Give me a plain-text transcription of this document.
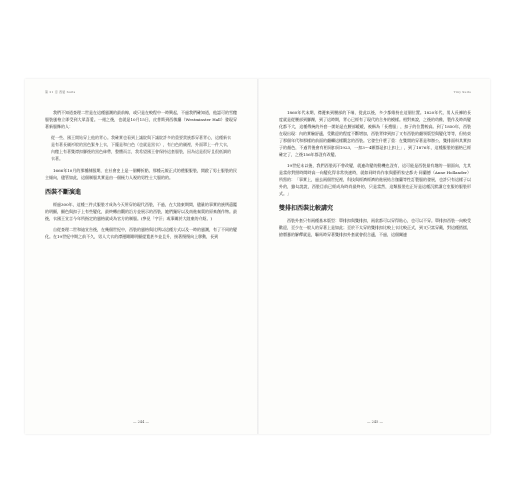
第 21 章 西裝 Suits

我們不知道查理二世是在這種風潮的最前線，或只是在較程中一時興起，不過我們確知道，他認可的雪穗服裝風格立即受到大眾喜愛。一週之後，也就是10月15日，皮普斯到西敏廳（Westminster Hall）發現穿著新服飾的人：

從一些、國王開始穿上他的背心。我確實也看到上議院與下議院許多的重要貴族都穿著背心，這種新衣是有著長襯衫般的黑色緊身上衣，下擺是和白色（也就是黑衣），有白色的襯裡，外面罩上一件大衣，內穗上有著雙襟扣腳後的黑色絲帶，整體而言，我希望國王會保持這套服裝，因為這是很好且很低調的衣著。

1666年10月的那種制服期，在社會史上是一個轉折點，那種元報正式的禮服服裝，開啟了男士服裝的民主傾向，儘管如此，這個制服其實是由一個極力人視的男性士大服的的。

西裝不斷演進

經過300年，這種三件式服裝才成為今天所穿的現代西裝，不過，在大陸東期間，儘量的事實的族例還鑑的明顯，顯色與扣子上有些變化，最終轉由觀的沿方並展示的西裝，她們獨好以及南進秦貫的原來創作物。最後，衣國王宣言今年所指定的風格就成為官方的制服。(參見「字汗」或事關於大陸東的介紹。)

自從查理二世和迪宣告後，在幾個世紀中，西裝的風格與比例以這種方式以及一時的風潮，有了不同的變化。在19世紀中期之前不久，男人大衣的襟邊剛剛明顯提寬甚多並且升，接著慢慢向上移動，長到

— 244 —
Tiny Suits

1860年代末期，襟邊來到腰部的下端，從此以後，多少都維持在這個位置。1820年代，男人長褲的長度就是從腰部到腳踝，到了這時期，背心已經有了現代的合身的模樣。相對來說，之後的幼稚，製作及時尚變化都不大，這種傳統的外套一開始是在腰部緩緩，被稱為「長禮服」，扣子的位置較高。到了1850年，西裝在現出現：內的實驗舒適，受歡迎的程度不斷增加，西裝背律到扣了又有西裝的翻領版型與變化等等，但結束了那個年代和那樣的前面的翻繼這樣觀念的西裝。它發生什麼了重：在雙開的穿著是和辦公，雙排面料其實扣子的顏色，不過背後會有相同扣同1923，一扣3〜4顆都是扣上扣上」，到了1876年，這種服裝的風格已經確定了，之後156年都沒有改變。

19世紀末以後，我們西裝再不曾改變，就連改變的動機也沒有，這可能是西裝最有趣的一個面向，尤其是當你對照時間時高一向變化得非常快速時，就如同時尚作家與藝術家史都夫·同蘭德（Anne Hollander）所寫的：「事實上，過去兩個世紀裡，科技與經濟經濟的進展結合伽蘭等性訂製服的發展，也許只有這樣子以外的，雖勾說說，西裝目前已經成為時尚最終的，只是當然，這類服裝也正好是這種沉默讓它室服的服裝形式。」

雙排扣西裝比較講究

西裝外套只有兩種基本版型：單排扣與雙排扣，兩款都可以穿得貼心，也可以不穿。單排扣西裝一向較受歡迎，至少在一般人的穿著上是如此；至於不太穿的雙排扣比較上衣比較正式，到又只富穿戴，對這種搭擂，搶曆暴的解釋就是，驅馬時穿著雙排扣外套就會很合適，不過，這個關連

— 245 —
